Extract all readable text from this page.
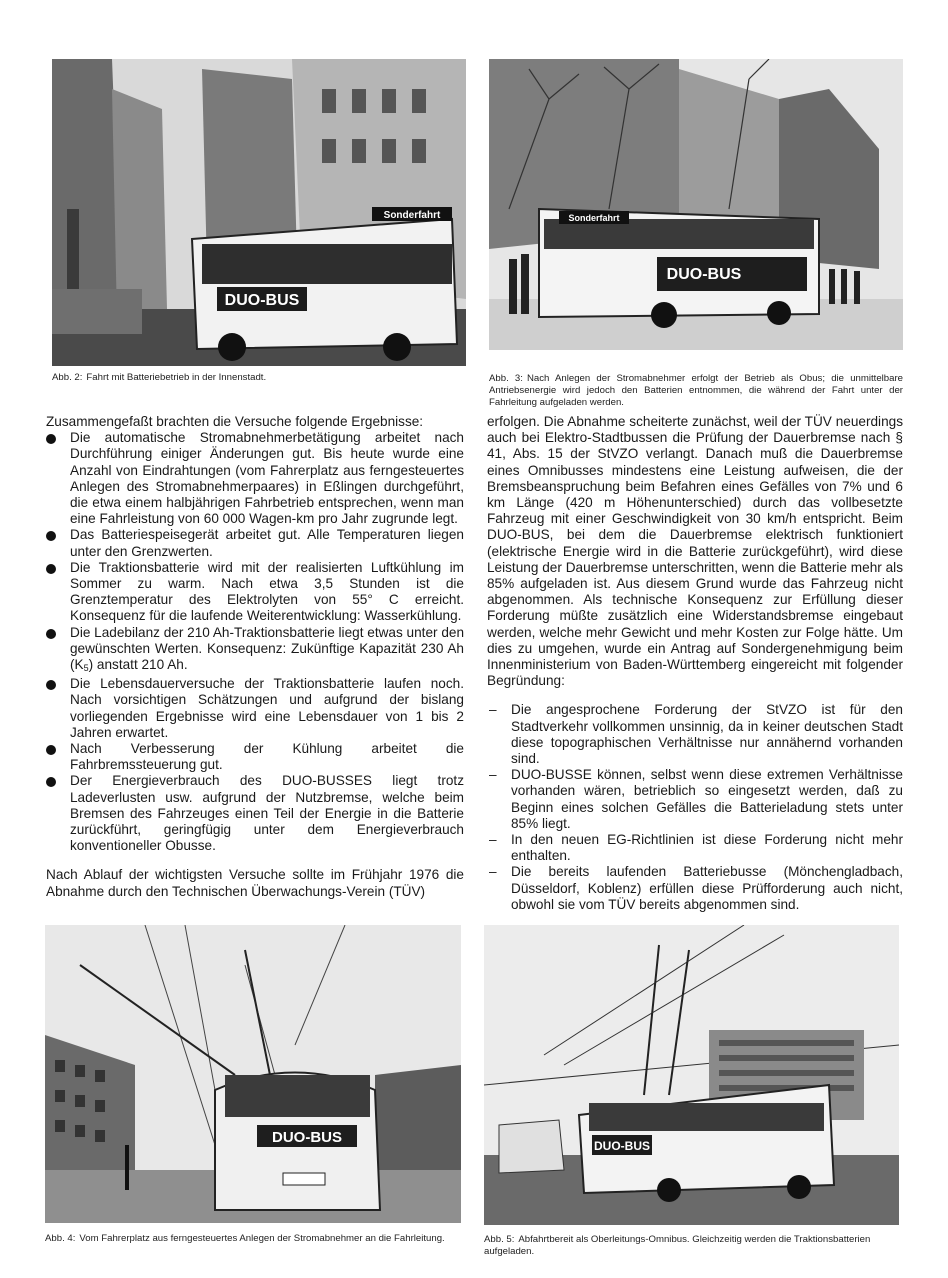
DUO-BUS
Sonderfahrt
Abb. 2: Fahrt mit Batteriebetrieb in der Innenstadt.
DUO-BUS
Sonderfahrt
Abb. 3: Nach Anlegen der Stromabnehmer erfolgt der Betrieb als Obus; die unmittelbare Antriebsenergie wird jedoch den Batterien entnommen, die während der Fahrt unter der Fahrleitung aufgeladen werden.

Zusammengefaßt brachten die Versuche folgende Ergebnisse:

Die automatische Stromabnehmerbetätigung arbeitet nach Durchführung einiger Änderungen gut. Bis heute wurde eine Anzahl von Eindrahtungen (vom Fahrerplatz aus ferngesteuertes Anlegen des Stromabnehmerpaares) in Eßlingen durchgeführt, die etwa einem halbjährigen Fahrbetrieb entsprechen, wenn man eine Fahrleistung von 60 000 Wagen-km pro Jahr zugrunde legt.
Das Batteriespeisegerät arbeitet gut. Alle Temperaturen liegen unter den Grenzwerten.
Die Traktionsbatterie wird mit der realisierten Luftkühlung im Sommer zu warm. Nach etwa 3,5 Stunden ist die Grenztemperatur des Elektrolyten von 55° C erreicht. Konsequenz für die laufende Weiterentwicklung: Wasserkühlung.
Die Ladebilanz der 210 Ah-Traktionsbatterie liegt etwas unter den gewünschten Werten. Konsequenz: Zukünftige Kapazität 230 Ah $(K_5)$ anstatt 210 Ah.
Die Lebensdauerversuche der Traktionsbatterie laufen noch. Nach vorsichtigen Schätzungen und aufgrund der bislang vorliegenden Ergebnisse wird eine Lebensdauer von 1 bis 2 Jahren erwartet.
Nach Verbesserung der Kühlung arbeitet die Fahrbremssteuerung gut.
Der Energieverbrauch des DUO-BUSSES liegt trotz Ladeverlusten usw. aufgrund der Nutzbremse, welche beim Bremsen des Fahrzeuges einen Teil der Energie in die Batterie zurückführt, geringfügig unter dem Energieverbrauch konventioneller Obusse.

Nach Ablauf der wichtigsten Versuche sollte im Frühjahr 1976 die Abnahme durch den Technischen Überwachungs-Verein (TÜV)

erfolgen. Die Abnahme scheiterte zunächst, weil der TÜV neuerdings auch bei Elektro-Stadtbussen die Prüfung der Dauerbremse nach § 41, Abs. 15 der StVZO verlangt. Danach muß die Dauerbremse eines Omnibusses mindestens eine Leistung aufweisen, die der Bremsbeanspruchung beim Befahren eines Gefälles von 7% und 6 km Länge (420 m Höhenunterschied) durch das vollbesetzte Fahrzeug mit einer Geschwindigkeit von 30 km/h entspricht. Beim DUO-BUS, bei dem die Dauerbremse elektrisch funktioniert (elektrische Energie wird in die Batterie zurückgeführt), wird diese Leistung der Dauerbremse unterschritten, wenn die Batterie mehr als 85% aufgeladen ist. Aus diesem Grund wurde das Fahrzeug nicht abgenommen. Als technische Konsequenz zur Erfüllung dieser Forderung müßte zusätzlich eine Widerstandsbremse eingebaut werden, welche mehr Gewicht und mehr Kosten zur Folge hätte. Um dies zu umgehen, wurde ein Antrag auf Sondergenehmigung beim Innenministerium von Baden-Württemberg eingereicht mit folgender Begründung:

– Die angesprochene Forderung der StVZO ist für den Stadtverkehr vollkommen unsinnig, da in keiner deutschen Stadt diese topographischen Verhältnisse nur annähernd vorhanden sind.
– DUO-BUSSE können, selbst wenn diese extremen Verhältnisse vorhanden wären, betrieblich so eingesetzt werden, daß zu Beginn eines solchen Gefälles die Batterieladung stets unter 85% liegt.
– In den neuen EG-Richtlinien ist diese Forderung nicht mehr enthalten.
– Die bereits laufenden Batteriebusse (Mönchengladbach, Düsseldorf, Koblenz) erfüllen diese Prüfforderung auch nicht, obwohl sie vom TÜV bereits abgenommen sind.
DUO-BUS
Abb. 4: Vom Fahrerplatz aus ferngesteuertes Anlegen der Stromabnehmer an die Fahrleitung.
DUO-BUS
Abb. 5: Abfahrtbereit als Oberleitungs-Omnibus. Gleichzeitig werden die Traktionsbatterien aufgeladen.
